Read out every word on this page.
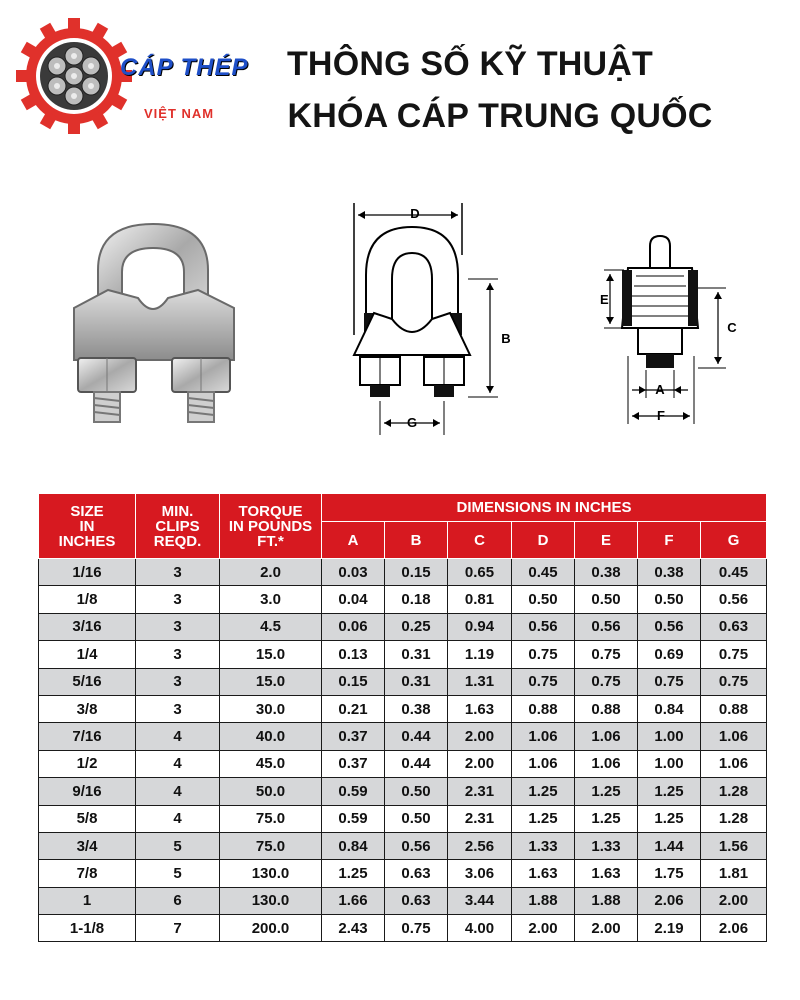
CÁP THÉP
VIỆT NAM
THÔNG SỐ KỸ THUẬT
KHÓA CÁP TRUNG QUỐC
D
B
G
E
C
A
F
SIZE
IN
INCHES	MIN.
CLIPS
REQD.	TORQUE
IN POUNDS
FT.*	DIMENSIONS IN INCHES						
			A	B	C	D	E	F	G
1/16	3	2.0	0.03	0.15	0.65	0.45	0.38	0.38	0.45
1/8	3	3.0	0.04	0.18	0.81	0.50	0.50	0.50	0.56
3/16	3	4.5	0.06	0.25	0.94	0.56	0.56	0.56	0.63
1/4	3	15.0	0.13	0.31	1.19	0.75	0.75	0.69	0.75
5/16	3	15.0	0.15	0.31	1.31	0.75	0.75	0.75	0.75
3/8	3	30.0	0.21	0.38	1.63	0.88	0.88	0.84	0.88
7/16	4	40.0	0.37	0.44	2.00	1.06	1.06	1.00	1.06
1/2	4	45.0	0.37	0.44	2.00	1.06	1.06	1.00	1.06
9/16	4	50.0	0.59	0.50	2.31	1.25	1.25	1.25	1.28
5/8	4	75.0	0.59	0.50	2.31	1.25	1.25	1.25	1.28
3/4	5	75.0	0.84	0.56	2.56	1.33	1.33	1.44	1.56
7/8	5	130.0	1.25	0.63	3.06	1.63	1.63	1.75	1.81
1	6	130.0	1.66	0.63	3.44	1.88	1.88	2.06	2.00
1-1/8	7	200.0	2.43	0.75	4.00	2.00	2.00	2.19	2.06
